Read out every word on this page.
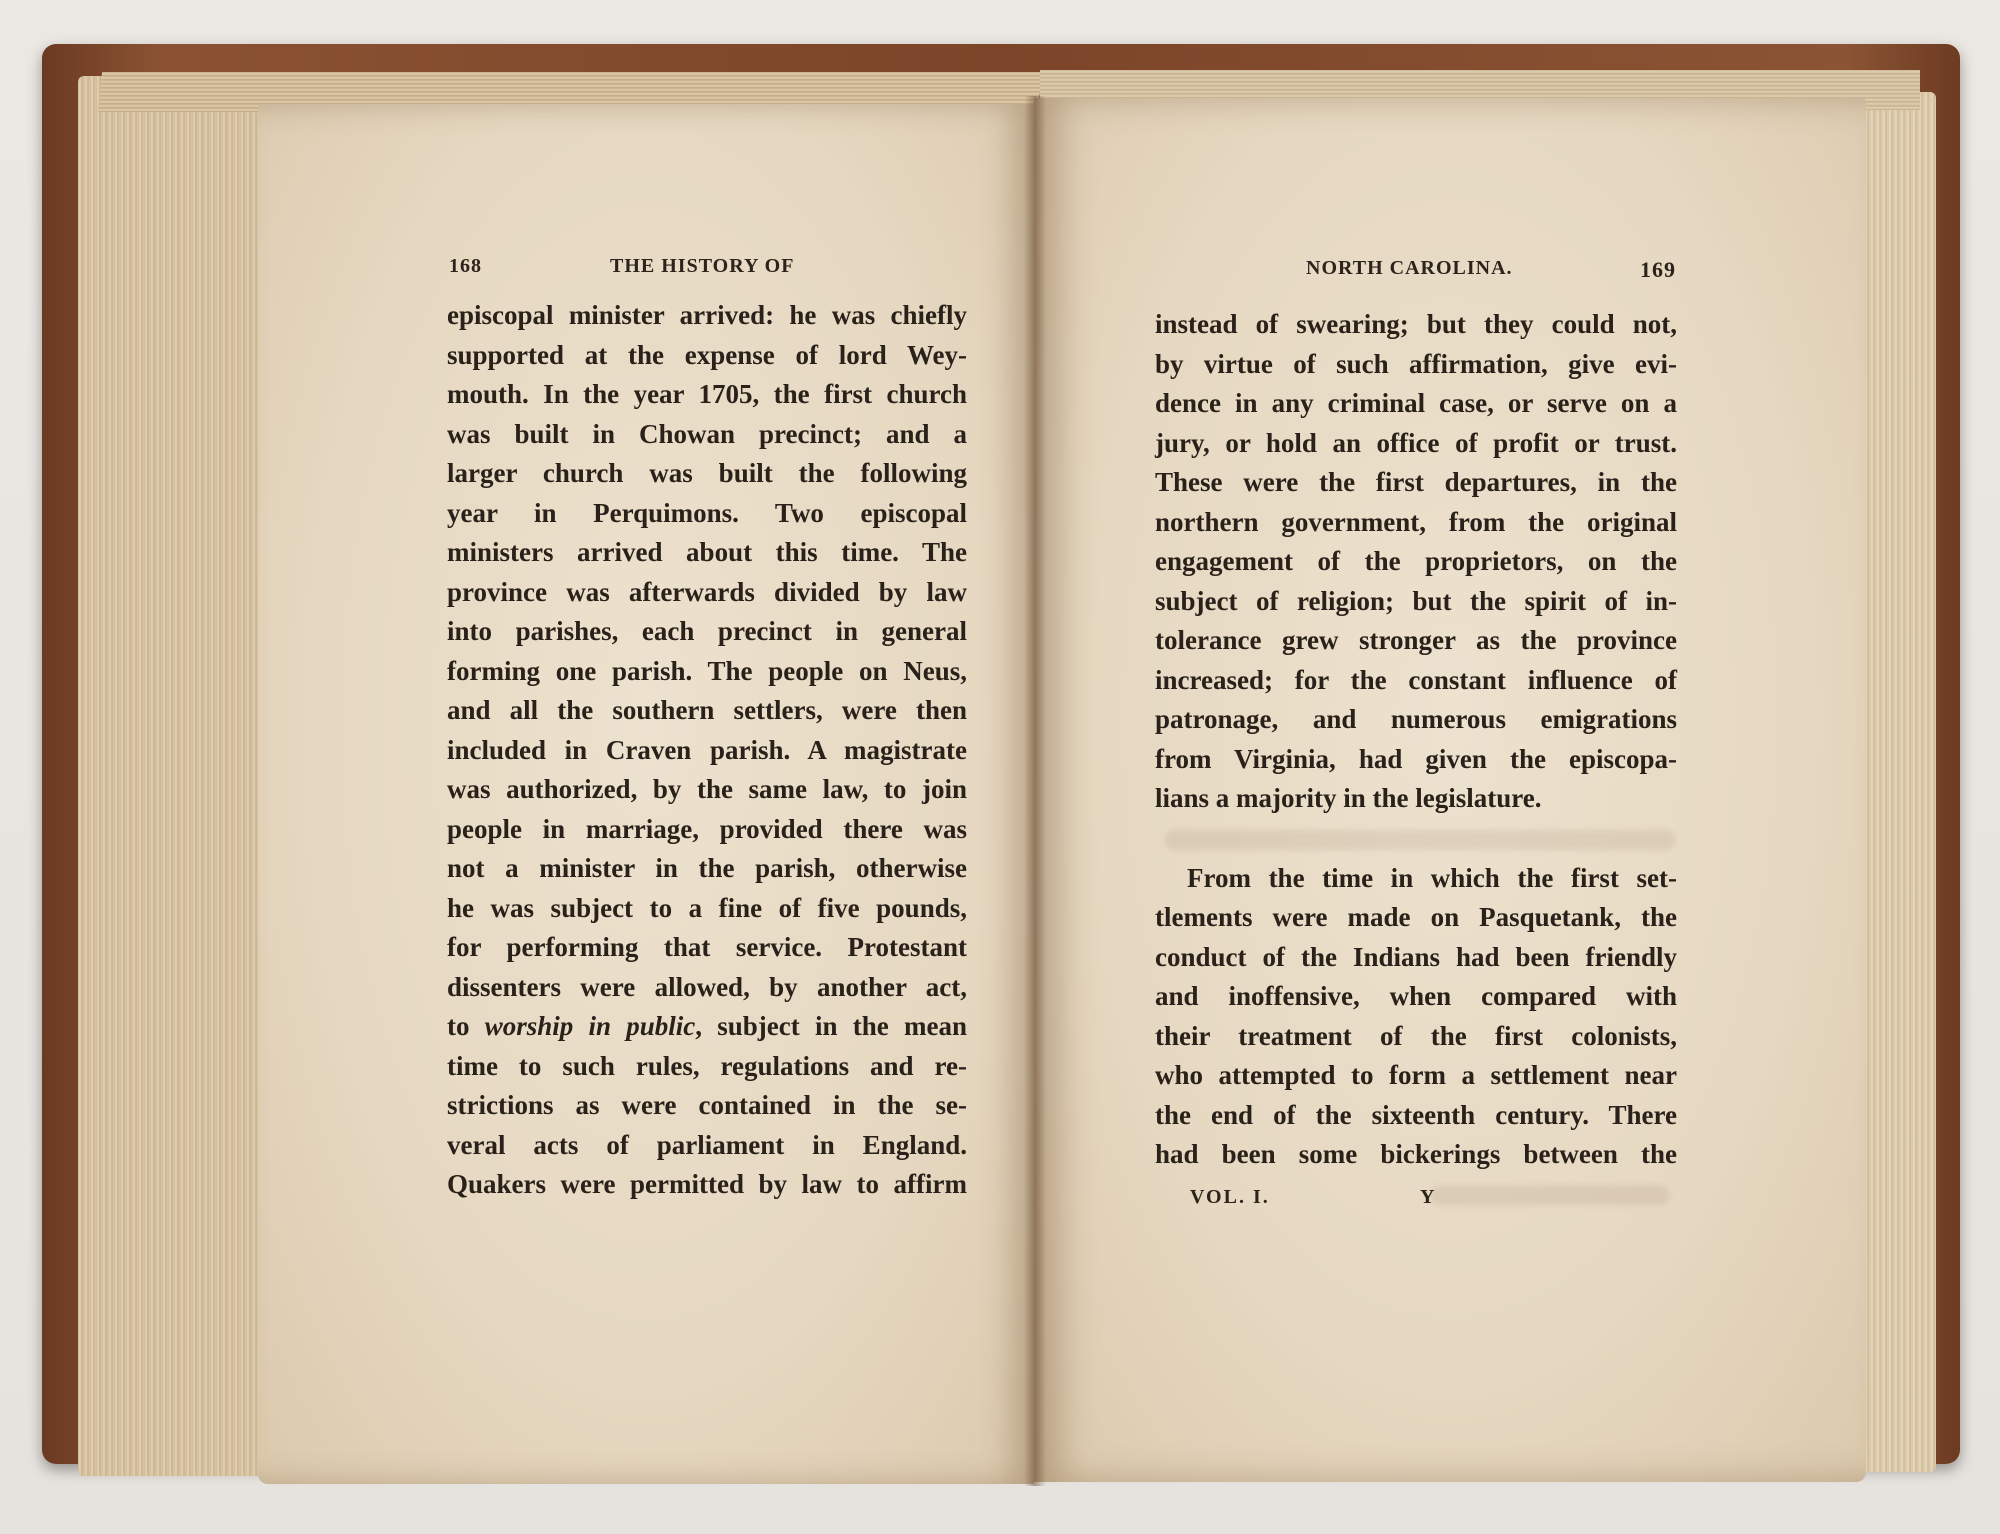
168	THE HISTORY OF
episcopal minister arrived: he was chiefly
supported at the expense of lord Wey-
mouth. In the year 1705, the first church
was built in Chowan precinct; and a
larger church was built the following
year in Perquimons. Two episcopal
ministers arrived about this time. The
province was afterwards divided by law
into parishes, each precinct in general
forming one parish. The people on Neus,
and all the southern settlers, were then
included in Craven parish. A magistrate
was authorized, by the same law, to join
people in marriage, provided there was
not a minister in the parish, otherwise
he was subject to a fine of five pounds,
for performing that service. Protestant
dissenters were allowed, by another act,
to worship in public, subject in the mean
time to such rules, regulations and re-
strictions as were contained in the se-
veral acts of parliament in England.
Quakers were permitted by law to affirm
NORTH CAROLINA.	169
instead of swearing; but they could not,
by virtue of such affirmation, give evi-
dence in any criminal case, or serve on a
jury, or hold an office of profit or trust.
These were the first departures, in the
northern government, from the original
engagement of the proprietors, on the
subject of religion; but the spirit of in-
tolerance grew stronger as the province
increased; for the constant influence of
patronage, and numerous emigrations
from Virginia, had given the episcopa-
lians a majority in the legislature.
From the time in which the first set-
tlements were made on Pasquetank, the
conduct of the Indians had been friendly
and inoffensive, when compared with
their treatment of the first colonists,
who attempted to form a settlement near
the end of the sixteenth century. There
had been some bickerings between the
VOL. I.	Y
